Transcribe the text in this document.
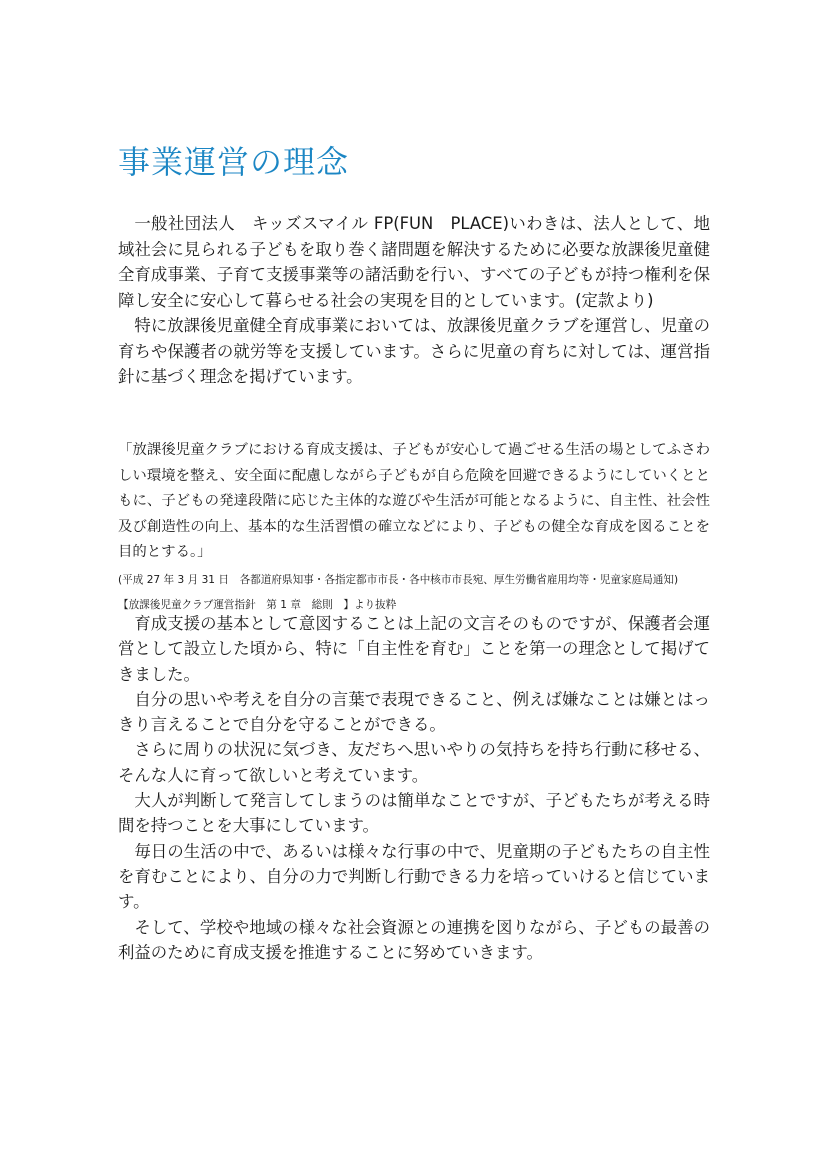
事業運営の理念

一般社団法人　キッズスマイル FP(FUN　PLACE)いわきは、法人として、地域社会に見られる子どもを取り巻く諸問題を解決するために必要な放課後児童健全育成事業、子育て支援事業等の諸活動を行い、すべての子どもが持つ権利を保障し安全に安心して暮らせる社会の実現を目的としています。(定款より)

特に放課後児童健全育成事業においては、放課後児童クラブを運営し、児童の育ちや保護者の就労等を支援しています。さらに児童の育ちに対しては、運営指針に基づく理念を掲げています。

「放課後児童クラブにおける育成支援は、子どもが安心して過ごせる生活の場としてふさわしい環境を整え、安全面に配慮しながら子どもが自ら危険を回避できるようにしていくとともに、子どもの発達段階に応じた主体的な遊びや生活が可能となるように、自主性、社会性及び創造性の向上、基本的な生活習慣の確立などにより、子どもの健全な育成を図ることを目的とする。」

(平成 27 年 3 月 31 日　各都道府県知事・各指定都市市長・各中核市市長宛、厚生労働省雇用均等・児童家庭局通知)

【放課後児童クラブ運営指針　第 1 章　総則　】より抜粋

育成支援の基本として意図することは上記の文言そのものですが、保護者会運営として設立した頃から、特に「自主性を育む」ことを第一の理念として掲げてきました。

自分の思いや考えを自分の言葉で表現できること、例えば嫌なことは嫌とはっきり言えることで自分を守ることができる。

さらに周りの状況に気づき、友だちへ思いやりの気持ちを持ち行動に移せる、そんな人に育って欲しいと考えています。

大人が判断して発言してしまうのは簡単なことですが、子どもたちが考える時間を持つことを大事にしています。

毎日の生活の中で、あるいは様々な行事の中で、児童期の子どもたちの自主性を育むことにより、自分の力で判断し行動できる力を培っていけると信じています。

そして、学校や地域の様々な社会資源との連携を図りながら、子どもの最善の利益のために育成支援を推進することに努めていきます。
